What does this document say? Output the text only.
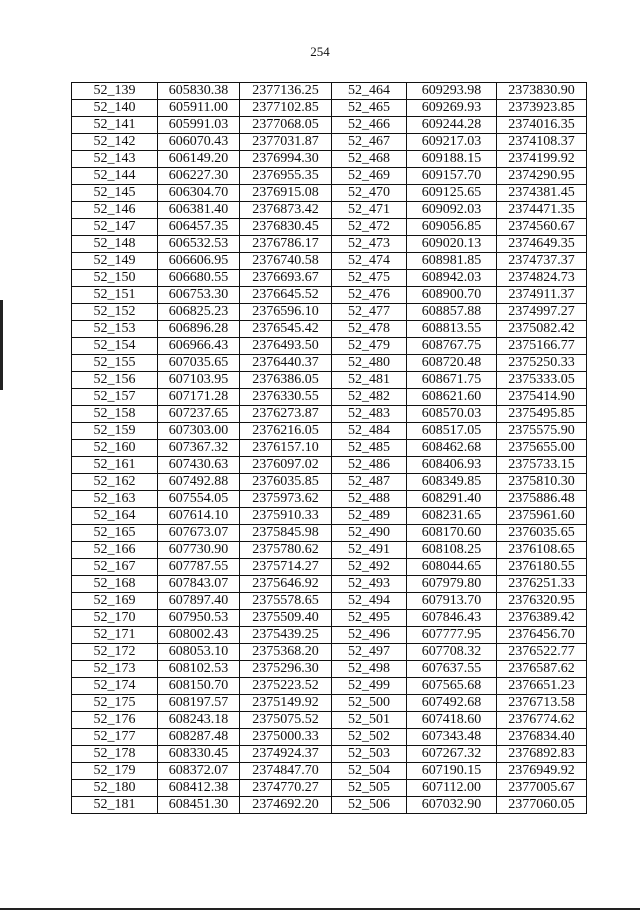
254
52_139	605830.38	2377136.25	52_464	609293.98	2373830.90
52_140	605911.00	2377102.85	52_465	609269.93	2373923.85
52_141	605991.03	2377068.05	52_466	609244.28	2374016.35
52_142	606070.43	2377031.87	52_467	609217.03	2374108.37
52_143	606149.20	2376994.30	52_468	609188.15	2374199.92
52_144	606227.30	2376955.35	52_469	609157.70	2374290.95
52_145	606304.70	2376915.08	52_470	609125.65	2374381.45
52_146	606381.40	2376873.42	52_471	609092.03	2374471.35
52_147	606457.35	2376830.45	52_472	609056.85	2374560.67
52_148	606532.53	2376786.17	52_473	609020.13	2374649.35
52_149	606606.95	2376740.58	52_474	608981.85	2374737.37
52_150	606680.55	2376693.67	52_475	608942.03	2374824.73
52_151	606753.30	2376645.52	52_476	608900.70	2374911.37
52_152	606825.23	2376596.10	52_477	608857.88	2374997.27
52_153	606896.28	2376545.42	52_478	608813.55	2375082.42
52_154	606966.43	2376493.50	52_479	608767.75	2375166.77
52_155	607035.65	2376440.37	52_480	608720.48	2375250.33
52_156	607103.95	2376386.05	52_481	608671.75	2375333.05
52_157	607171.28	2376330.55	52_482	608621.60	2375414.90
52_158	607237.65	2376273.87	52_483	608570.03	2375495.85
52_159	607303.00	2376216.05	52_484	608517.05	2375575.90
52_160	607367.32	2376157.10	52_485	608462.68	2375655.00
52_161	607430.63	2376097.02	52_486	608406.93	2375733.15
52_162	607492.88	2376035.85	52_487	608349.85	2375810.30
52_163	607554.05	2375973.62	52_488	608291.40	2375886.48
52_164	607614.10	2375910.33	52_489	608231.65	2375961.60
52_165	607673.07	2375845.98	52_490	608170.60	2376035.65
52_166	607730.90	2375780.62	52_491	608108.25	2376108.65
52_167	607787.55	2375714.27	52_492	608044.65	2376180.55
52_168	607843.07	2375646.92	52_493	607979.80	2376251.33
52_169	607897.40	2375578.65	52_494	607913.70	2376320.95
52_170	607950.53	2375509.40	52_495	607846.43	2376389.42
52_171	608002.43	2375439.25	52_496	607777.95	2376456.70
52_172	608053.10	2375368.20	52_497	607708.32	2376522.77
52_173	608102.53	2375296.30	52_498	607637.55	2376587.62
52_174	608150.70	2375223.52	52_499	607565.68	2376651.23
52_175	608197.57	2375149.92	52_500	607492.68	2376713.58
52_176	608243.18	2375075.52	52_501	607418.60	2376774.62
52_177	608287.48	2375000.33	52_502	607343.48	2376834.40
52_178	608330.45	2374924.37	52_503	607267.32	2376892.83
52_179	608372.07	2374847.70	52_504	607190.15	2376949.92
52_180	608412.38	2374770.27	52_505	607112.00	2377005.67
52_181	608451.30	2374692.20	52_506	607032.90	2377060.05
